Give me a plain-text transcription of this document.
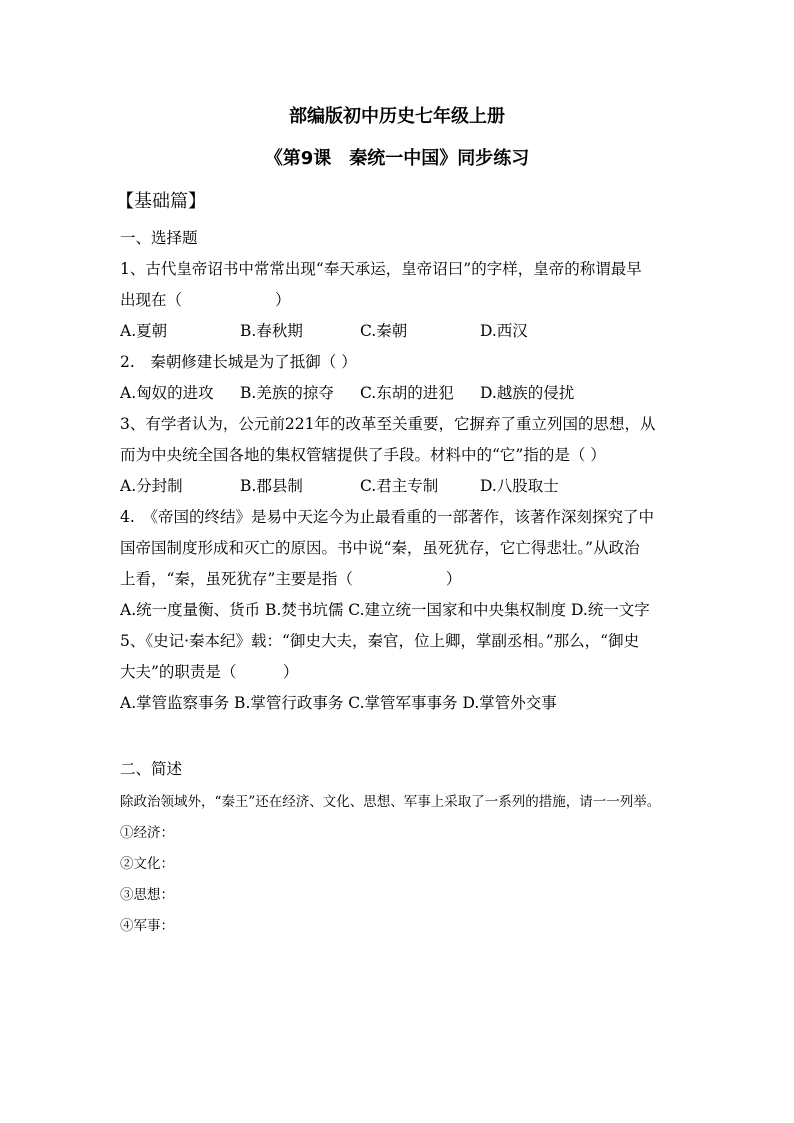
部编版初中历史七年级上册
《第9课　秦统一中国》同步练习
【基础篇】
一、选择题
1、古代皇帝诏书中常常出现“奉天承运，皇帝诏曰”的字样，皇帝的称谓最早
出现在（　　　　　　）
A.夏朝	B.春秋期	C.秦朝	D.西汉
2.　秦朝修建长城是为了抵御（ ）
A.匈奴的进攻	B.羌族的掠夺	C.东胡的进犯	D.越族的侵扰
3、有学者认为，公元前221年的改革至关重要，它摒弃了重立列国的思想，从
而为中央统全国各地的集权管辖提供了手段。材料中的“它”指的是（ ）
A.分封制	B.郡县制	C.君主专制	D.八股取士
4.　《帝国的终结》是易中天迄今为止最看重的一部著作，该著作深刻探究了中
国帝国制度形成和灭亡的原因。书中说“秦，虽死犹存，它亡得悲壮。”从政治
上看，“秦，虽死犹存”主要是指（　　　　　　）
A.统一度量衡、货币 B.焚书坑儒 C.建立统一国家和中央集权制度 D.统一文字
5、《史记·秦本纪》载：“御史大夫，秦官，位上卿，掌副丞相。”那么，“御史
大夫”的职责是（　　　）
A.掌管监察事务 B.掌管行政事务 C.掌管军事事务 D.掌管外交事
二、简述
除政治领域外，“秦王”还在经济、文化、思想、军事上采取了一系列的措施，请一一列举。
①经济：
②文化：
③思想：
④军事：
